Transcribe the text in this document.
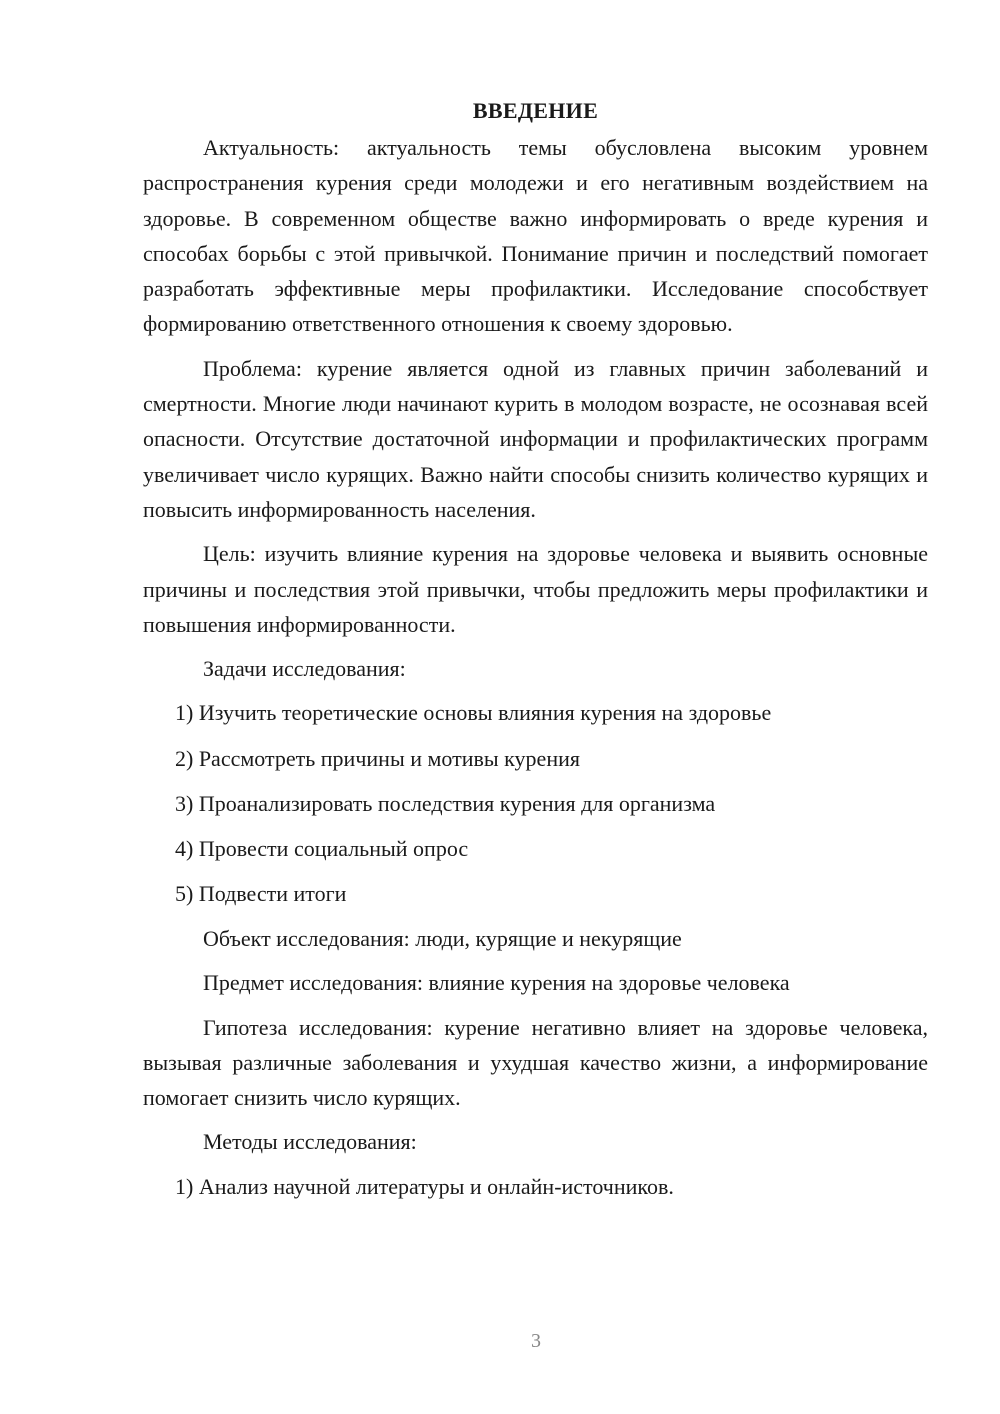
ВВЕДЕНИЕ

Актуальность: актуальность темы обусловлена высоким уровнем распространения курения среди молодежи и его негативным воздействием на здоровье. В современном обществе важно информировать о вреде курения и способах борьбы с этой привычкой. Понимание причин и последствий помогает разработать эффективные меры профилактики. Исследование способствует формированию ответственного отношения к своему здоровью.

Проблема: курение является одной из главных причин заболеваний и смертности. Многие люди начинают курить в молодом возрасте, не осознавая всей опасности. Отсутствие достаточной информации и профилактических программ увеличивает число курящих. Важно найти способы снизить количество курящих и повысить информированность населения.

Цель: изучить влияние курения на здоровье человека и выявить основные причины и последствия этой привычки, чтобы предложить меры профилактики и повышения информированности.

Задачи исследования:

1) Изучить теоретические основы влияния курения на здоровье
2) Рассмотреть причины и мотивы курения
3) Проанализировать последствия курения для организма
4) Провести социальный опрос
5) Подвести итоги

Объект исследования: люди, курящие и некурящие

Предмет исследования: влияние курения на здоровье человека

Гипотеза исследования: курение негативно влияет на здоровье человека, вызывая различные заболевания и ухудшая качество жизни, а информирование помогает снизить число курящих.

Методы исследования:

1) Анализ научной литературы и онлайн-источников.
3
